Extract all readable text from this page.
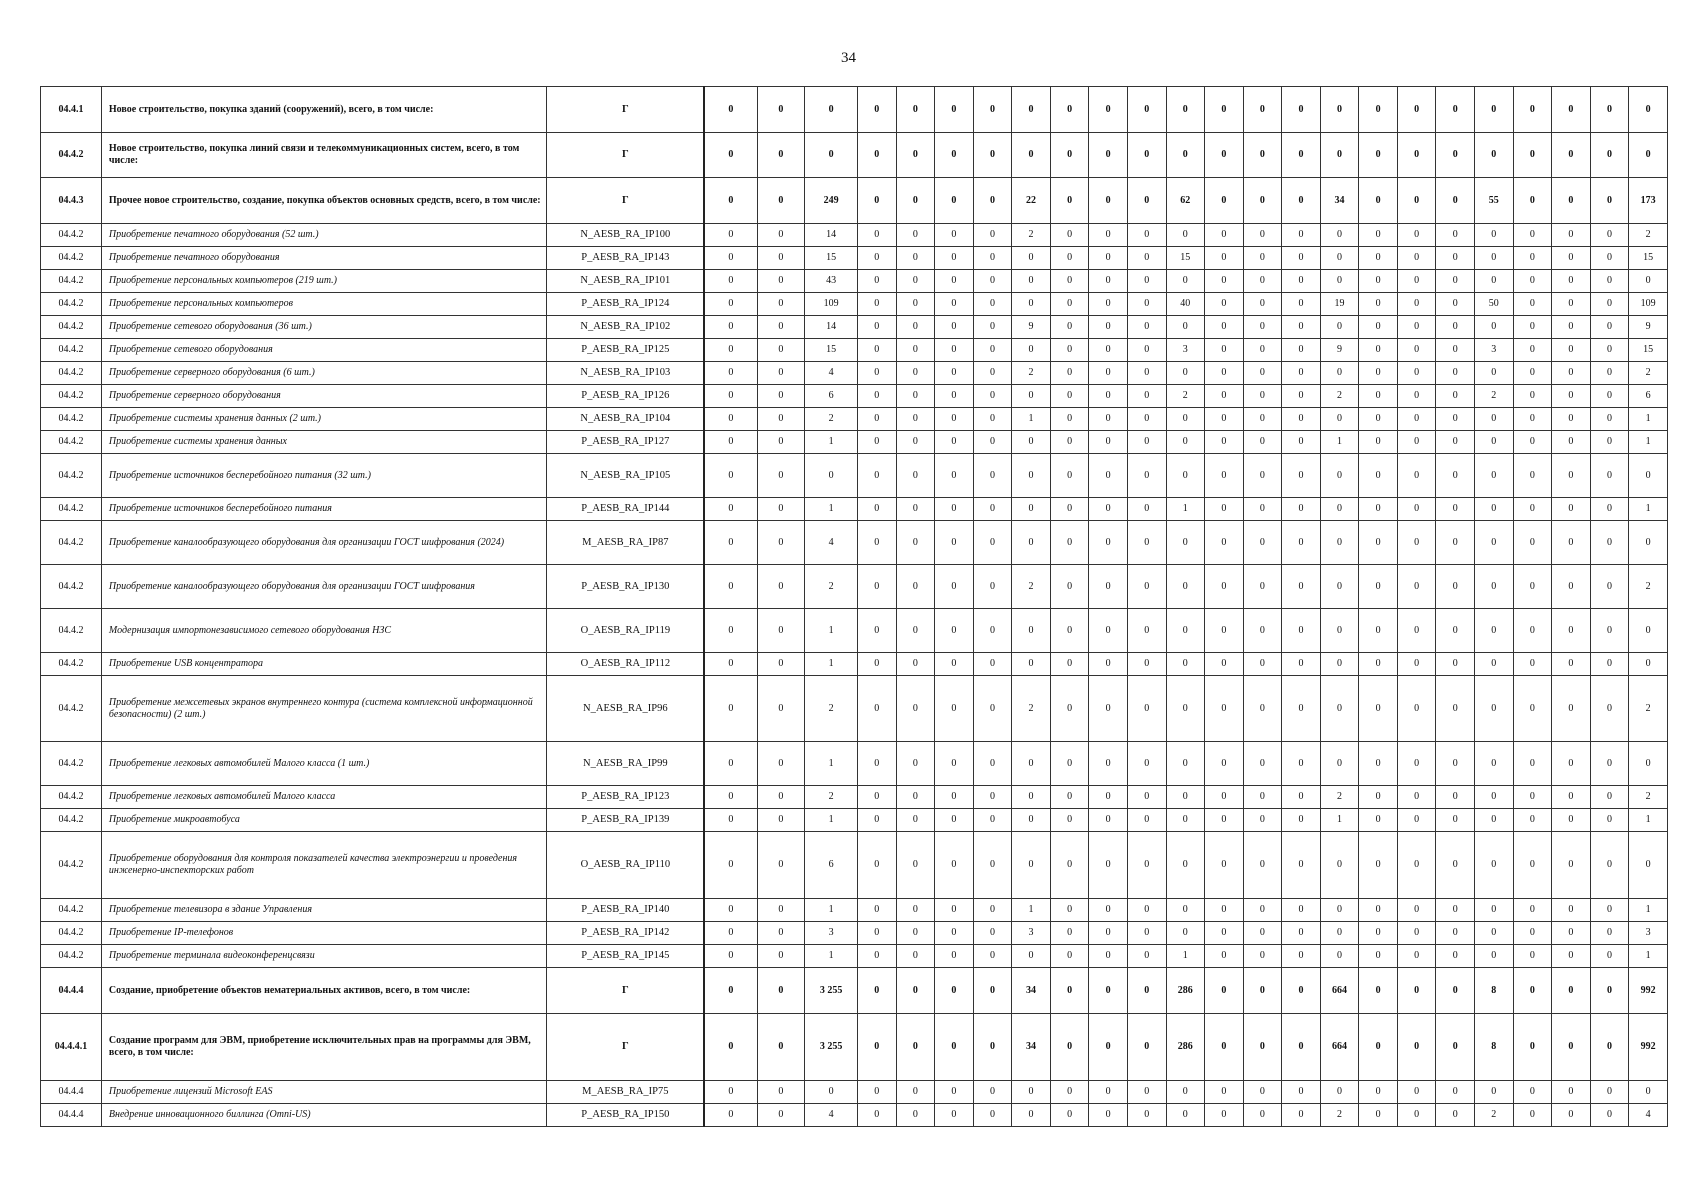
34
04.4.1	Новое строительство, покупка зданий (сооружений), всего, в том числе:	Г	0	0	0	0	0	0	0	0	0	0	0	0	0	0	0	0	0	0	0	0	0	0	0	0
04.4.2	Новое строительство, покупка линий связи и телекоммуникационных систем, всего, в том числе:	Г	0	0	0	0	0	0	0	0	0	0	0	0	0	0	0	0	0	0	0	0	0	0	0	0
04.4.3	Прочее новое строительство, создание, покупка объектов основных средств, всего, в том числе:	Г	0	0	249	0	0	0	0	22	0	0	0	62	0	0	0	34	0	0	0	55	0	0	0	173
04.4.2	Приобретение печатного оборудования (52 шт.)	N_AESB_RA_IP100	0	0	14	0	0	0	0	2	0	0	0	0	0	0	0	0	0	0	0	0	0	0	0	2
04.4.2	Приобретение печатного оборудования	P_AESB_RA_IP143	0	0	15	0	0	0	0	0	0	0	0	15	0	0	0	0	0	0	0	0	0	0	0	15
04.4.2	Приобретение персональных компьютеров (219 шт.)	N_AESB_RA_IP101	0	0	43	0	0	0	0	0	0	0	0	0	0	0	0	0	0	0	0	0	0	0	0	0
04.4.2	Приобретение персональных компьютеров	P_AESB_RA_IP124	0	0	109	0	0	0	0	0	0	0	0	40	0	0	0	19	0	0	0	50	0	0	0	109
04.4.2	Приобретение сетевого оборудования (36 шт.)	N_AESB_RA_IP102	0	0	14	0	0	0	0	9	0	0	0	0	0	0	0	0	0	0	0	0	0	0	0	9
04.4.2	Приобретение сетевого оборудования	P_AESB_RA_IP125	0	0	15	0	0	0	0	0	0	0	0	3	0	0	0	9	0	0	0	3	0	0	0	15
04.4.2	Приобретение серверного оборудования (6 шт.)	N_AESB_RA_IP103	0	0	4	0	0	0	0	2	0	0	0	0	0	0	0	0	0	0	0	0	0	0	0	2
04.4.2	Приобретение серверного оборудования	P_AESB_RA_IP126	0	0	6	0	0	0	0	0	0	0	0	2	0	0	0	2	0	0	0	2	0	0	0	6
04.4.2	Приобретение системы хранения данных (2 шт.)	N_AESB_RA_IP104	0	0	2	0	0	0	0	1	0	0	0	0	0	0	0	0	0	0	0	0	0	0	0	1
04.4.2	Приобретение системы хранения данных	P_AESB_RA_IP127	0	0	1	0	0	0	0	0	0	0	0	0	0	0	0	1	0	0	0	0	0	0	0	1
04.4.2	Приобретение источников бесперебойного питания (32 шт.)	N_AESB_RA_IP105	0	0	0	0	0	0	0	0	0	0	0	0	0	0	0	0	0	0	0	0	0	0	0	0
04.4.2	Приобретение источников бесперебойного питания	P_AESB_RA_IP144	0	0	1	0	0	0	0	0	0	0	0	1	0	0	0	0	0	0	0	0	0	0	0	1
04.4.2	Приобретение каналообразующего оборудования для организации ГОСТ шифрования (2024)	M_AESB_RA_IP87	0	0	4	0	0	0	0	0	0	0	0	0	0	0	0	0	0	0	0	0	0	0	0	0
04.4.2	Приобретение каналообразующего оборудования для организации ГОСТ шифрования	P_AESB_RA_IP130	0	0	2	0	0	0	0	2	0	0	0	0	0	0	0	0	0	0	0	0	0	0	0	2
04.4.2	Модернизация импортонезависимого сетевого оборудования НЗС	O_AESB_RA_IP119	0	0	1	0	0	0	0	0	0	0	0	0	0	0	0	0	0	0	0	0	0	0	0	0
04.4.2	Приобретение USB концентратора	O_AESB_RA_IP112	0	0	1	0	0	0	0	0	0	0	0	0	0	0	0	0	0	0	0	0	0	0	0	0
04.4.2	Приобретение межсетевых экранов внутреннего контура (система комплексной информационной безопасности) (2 шт.)	N_AESB_RA_IP96	0	0	2	0	0	0	0	2	0	0	0	0	0	0	0	0	0	0	0	0	0	0	0	2
04.4.2	Приобретение легковых автомобилей Малого класса (1 шт.)	N_AESB_RA_IP99	0	0	1	0	0	0	0	0	0	0	0	0	0	0	0	0	0	0	0	0	0	0	0	0
04.4.2	Приобретение легковых автомобилей Малого класса	P_AESB_RA_IP123	0	0	2	0	0	0	0	0	0	0	0	0	0	0	0	2	0	0	0	0	0	0	0	2
04.4.2	Приобретение микроавтобуса	P_AESB_RA_IP139	0	0	1	0	0	0	0	0	0	0	0	0	0	0	0	1	0	0	0	0	0	0	0	1
04.4.2	Приобретение оборудования для контроля показателей качества электроэнергии и проведения инженерно-инспекторских работ	O_AESB_RA_IP110	0	0	6	0	0	0	0	0	0	0	0	0	0	0	0	0	0	0	0	0	0	0	0	0
04.4.2	Приобретение телевизора в здание Управления	P_AESB_RA_IP140	0	0	1	0	0	0	0	1	0	0	0	0	0	0	0	0	0	0	0	0	0	0	0	1
04.4.2	Приобретение IP-телефонов	P_AESB_RA_IP142	0	0	3	0	0	0	0	3	0	0	0	0	0	0	0	0	0	0	0	0	0	0	0	3
04.4.2	Приобретение терминала видеоконференцсвязи	P_AESB_RA_IP145	0	0	1	0	0	0	0	0	0	0	0	1	0	0	0	0	0	0	0	0	0	0	0	1
04.4.4	Создание, приобретение объектов нематериальных активов, всего, в том числе:	Г	0	0	3 255	0	0	0	0	34	0	0	0	286	0	0	0	664	0	0	0	8	0	0	0	992
04.4.4.1	Создание программ для ЭВМ, приобретение исключительных прав на программы для ЭВМ, всего, в том числе:	Г	0	0	3 255	0	0	0	0	34	0	0	0	286	0	0	0	664	0	0	0	8	0	0	0	992
04.4.4	Приобретение лицензий Microsoft EAS	M_AESB_RA_IP75	0	0	0	0	0	0	0	0	0	0	0	0	0	0	0	0	0	0	0	0	0	0	0	0
04.4.4	Внедрение инновационного биллинга (Omni-US)	P_AESB_RA_IP150	0	0	4	0	0	0	0	0	0	0	0	0	0	0	0	2	0	0	0	2	0	0	0	4
